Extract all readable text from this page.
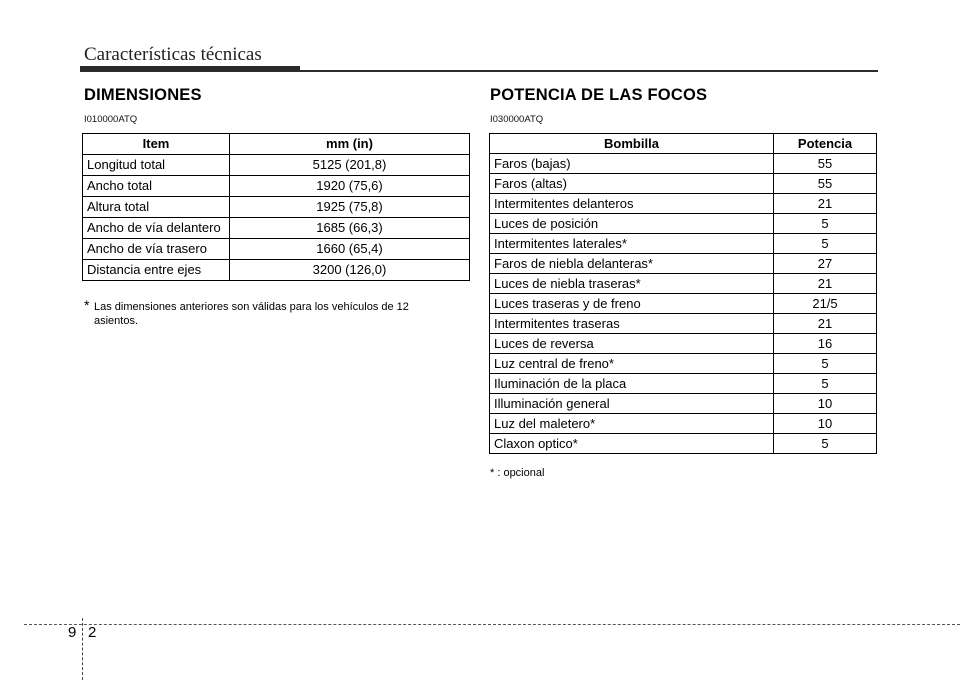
Características técnicas
DIMENSIONES
I010000ATQ
Item	mm (in)
Longitud total	5125 (201,8)
Ancho total	1920 (75,6)
Altura total	1925 (75,8)
Ancho de vía delantero	1685 (66,3)
Ancho de vía trasero	1660 (65,4)
Distancia entre ejes	3200 (126,0)
* Las dimensiones anteriores son válidas para los vehículos de 12
asientos.
POTENCIA DE LAS FOCOS
I030000ATQ
Bombilla	Potencia
Faros (bajas)	55
Faros (altas)	55
Intermitentes delanteros	21
Luces de posición	5
Intermitentes laterales*	5
Faros de niebla delanteras*	27
Luces de niebla traseras*	21
Luces traseras y de freno	21/5
Intermitentes traseras	21
Luces de reversa	16
Luz central de freno*	5
Iluminación de la placa	5
Illuminación general	10
Luz del maletero*	10
Claxon optico*	5
* : opcional
9 2
